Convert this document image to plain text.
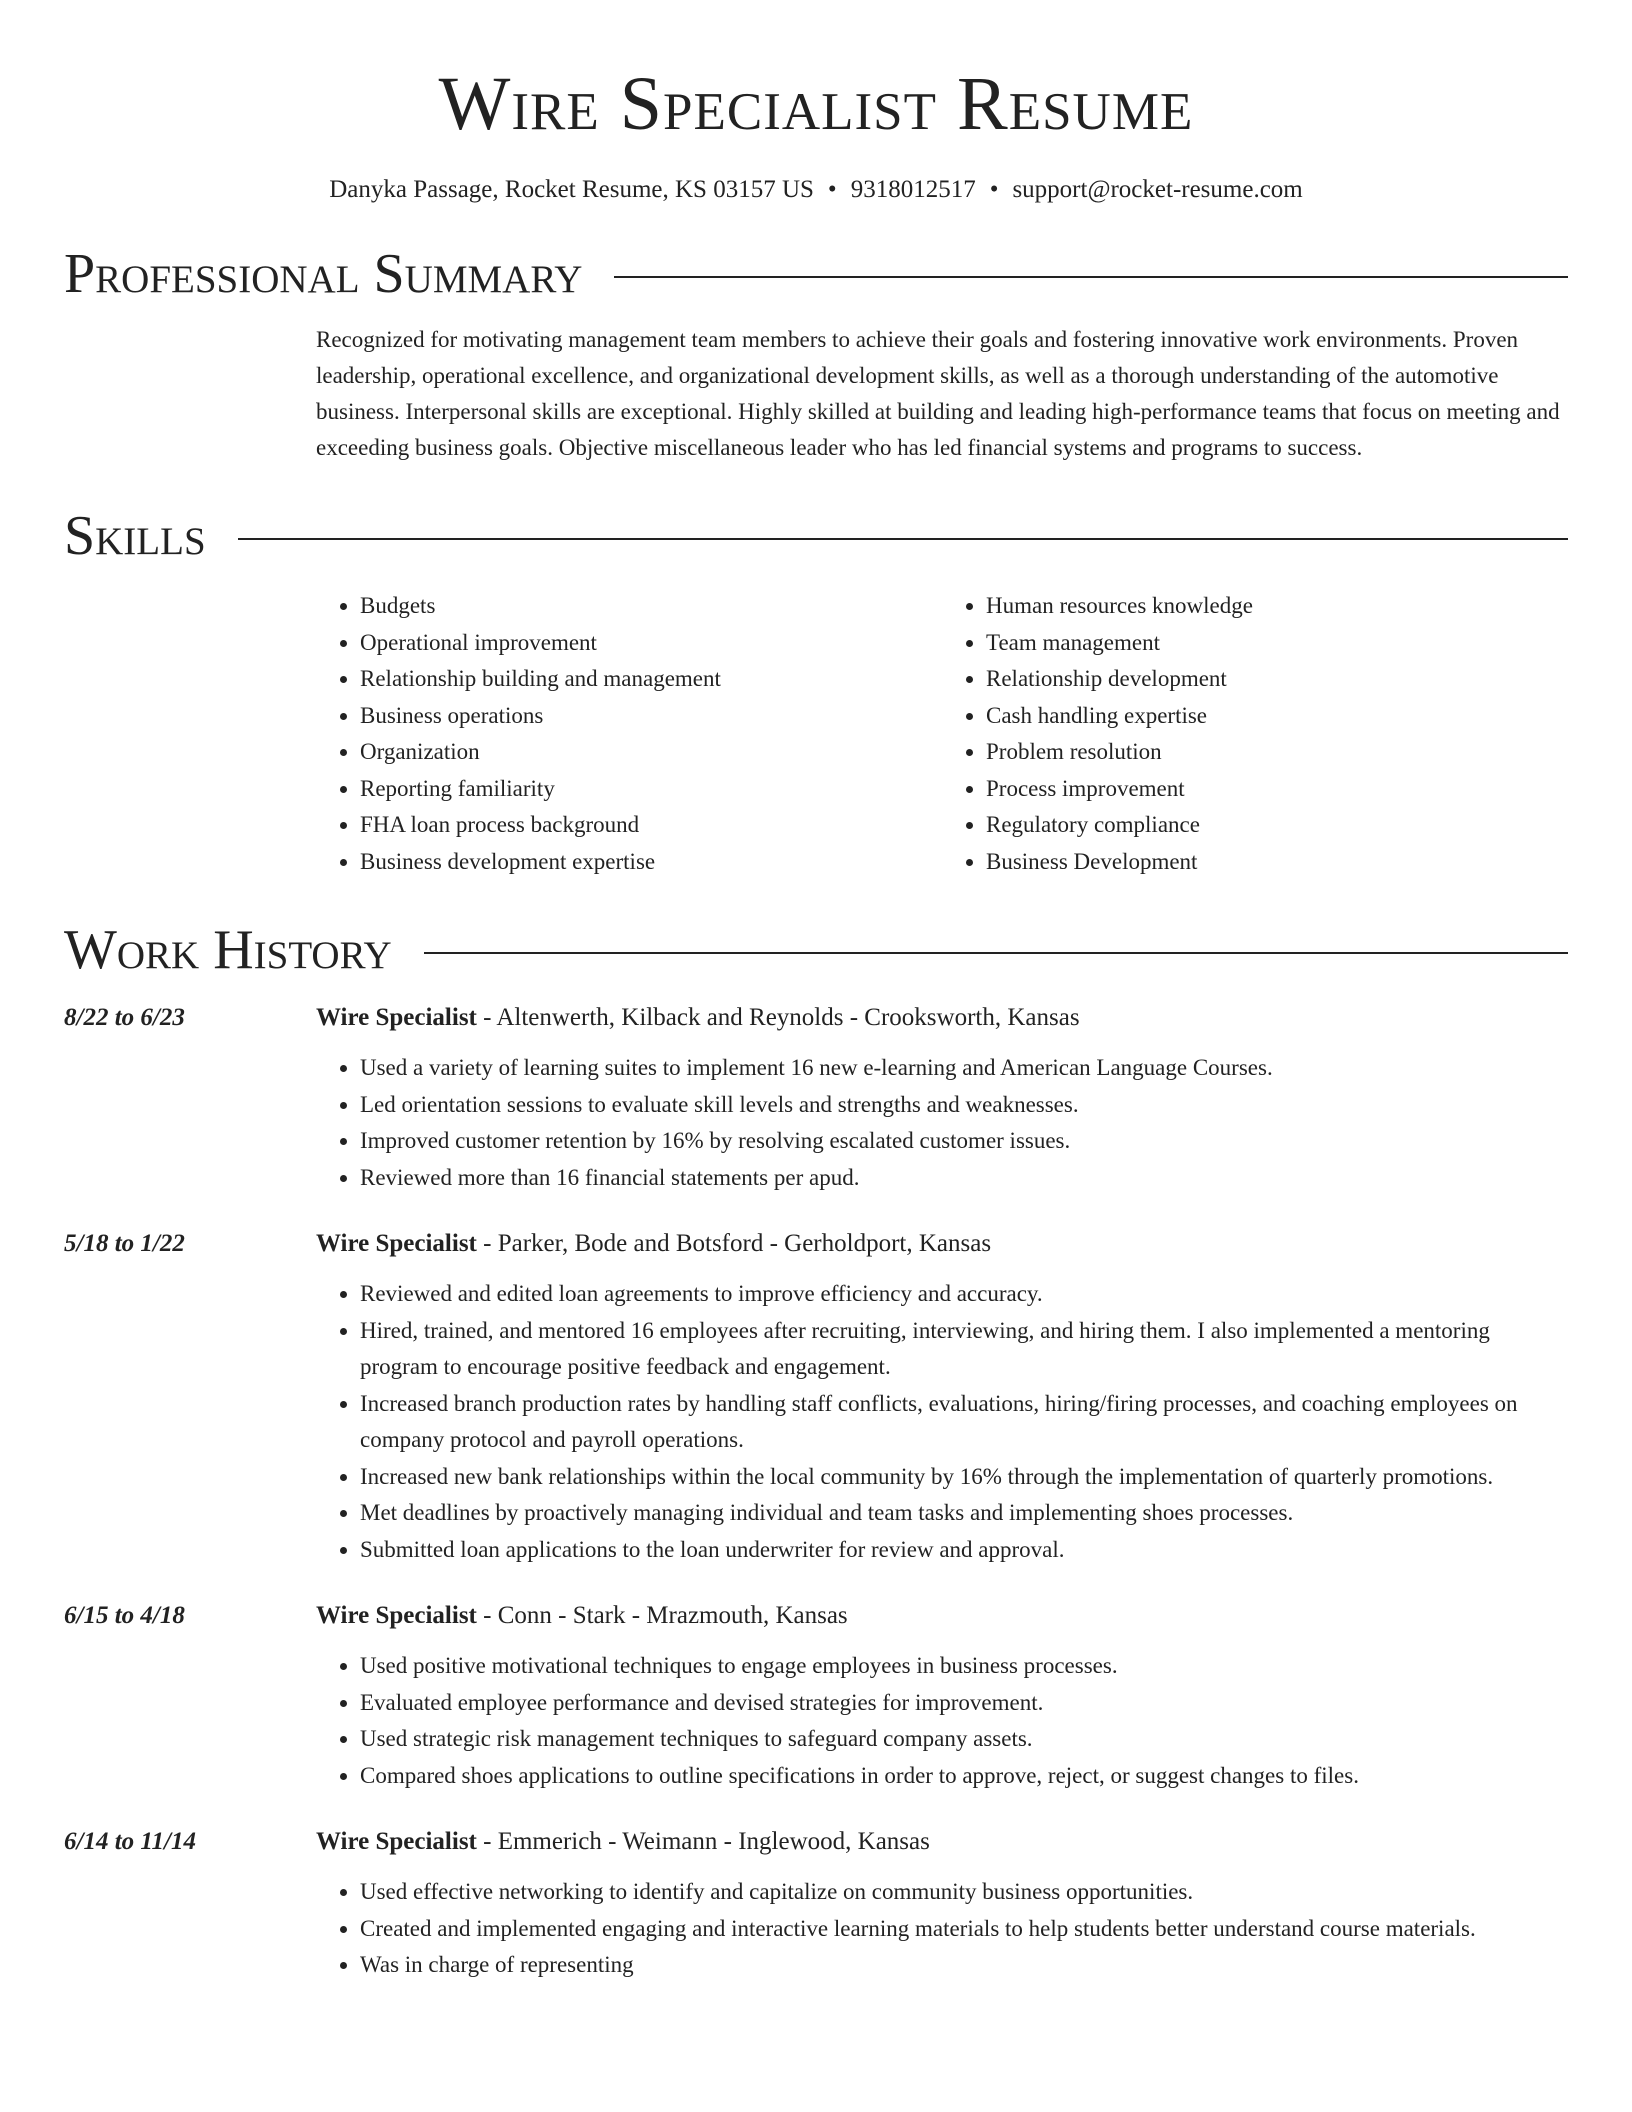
Wire Specialist Resume
Danyka Passage, Rocket Resume, KS 03157 US • 9318012517 • support@rocket-resume.com
Professional Summary
Recognized for motivating management team members to achieve their goals and fostering innovative work environments. Proven leadership, operational excellence, and organizational development skills, as well as a thorough understanding of the automotive business. Interpersonal skills are exceptional. Highly skilled at building and leading high-performance teams that focus on meeting and exceeding business goals. Objective miscellaneous leader who has led financial systems and programs to success.
Skills
• Budgets
• Operational improvement
• Relationship building and management
• Business operations
• Organization
• Reporting familiarity
• FHA loan process background
• Business development expertise
• Human resources knowledge
• Team management
• Relationship development
• Cash handling expertise
• Problem resolution
• Process improvement
• Regulatory compliance
• Business Development
Work History
8/22 to 6/23	Wire Specialist - Altenwerth, Kilback and Reynolds - Crooksworth, Kansas
• Used a variety of learning suites to implement 16 new e-learning and American Language Courses.
• Led orientation sessions to evaluate skill levels and strengths and weaknesses.
• Improved customer retention by 16% by resolving escalated customer issues.
• Reviewed more than 16 financial statements per apud.
5/18 to 1/22	Wire Specialist - Parker, Bode and Botsford - Gerholdport, Kansas
• Reviewed and edited loan agreements to improve efficiency and accuracy.
• Hired, trained, and mentored 16 employees after recruiting, interviewing, and hiring them. I also implemented a mentoring program to encourage positive feedback and engagement.
• Increased branch production rates by handling staff conflicts, evaluations, hiring/firing processes, and coaching employees on company protocol and payroll operations.
• Increased new bank relationships within the local community by 16% through the implementation of quarterly promotions.
• Met deadlines by proactively managing individual and team tasks and implementing shoes processes.
• Submitted loan applications to the loan underwriter for review and approval.
6/15 to 4/18	Wire Specialist - Conn - Stark - Mrazmouth, Kansas
• Used positive motivational techniques to engage employees in business processes.
• Evaluated employee performance and devised strategies for improvement.
• Used strategic risk management techniques to safeguard company assets.
• Compared shoes applications to outline specifications in order to approve, reject, or suggest changes to files.
6/14 to 11/14	Wire Specialist - Emmerich - Weimann - Inglewood, Kansas
• Used effective networking to identify and capitalize on community business opportunities.
• Created and implemented engaging and interactive learning materials to help students better understand course materials.
• Was in charge of representing
